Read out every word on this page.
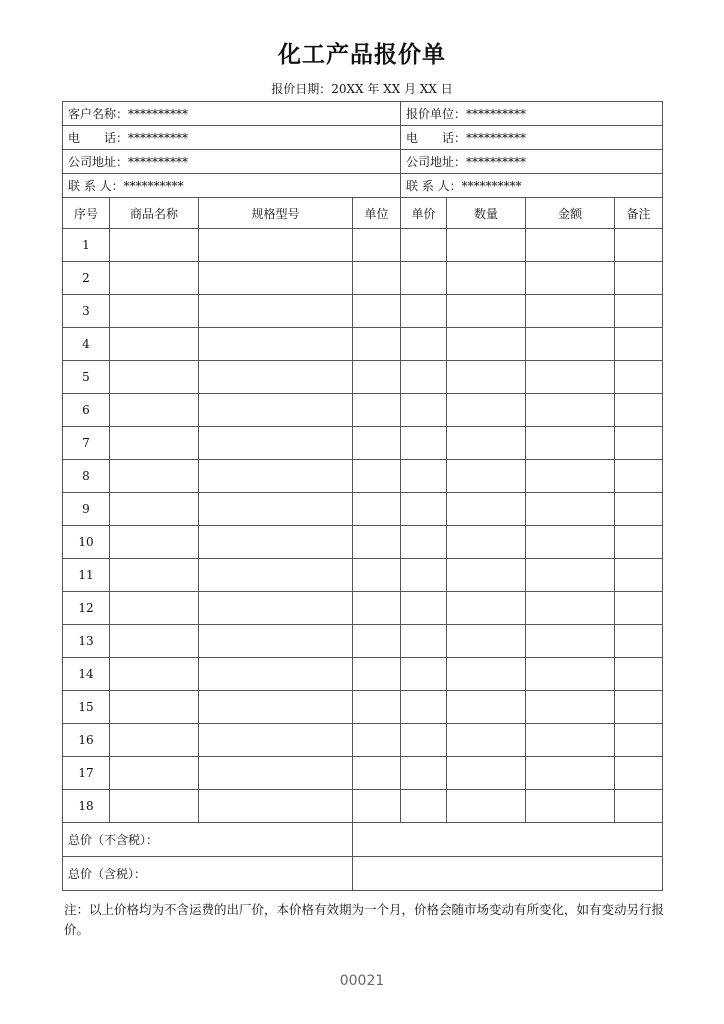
化工产品报价单
报价日期：20XX 年 XX 月 XX 日
客户名称：**********				报价单位：**********			
电　　话：**********				电　　话：**********			
公司地址：**********				公司地址：**********			
联 系 人：**********				联 系 人：**********			
序号	商品名称	规格型号	单位	单价	数量	金额	备注
1							
2							
3							
4							
5							
6							
7							
8							
9							
10							
11							
12							
13							
14							
15							
16							
17							
18							
总价（不含税）：							
总价（含税）：							
注：以上价格均为不含运费的出厂价，本价格有效期为一个月，价格会随市场变动有所变化，如有变动另行报价。
00021
